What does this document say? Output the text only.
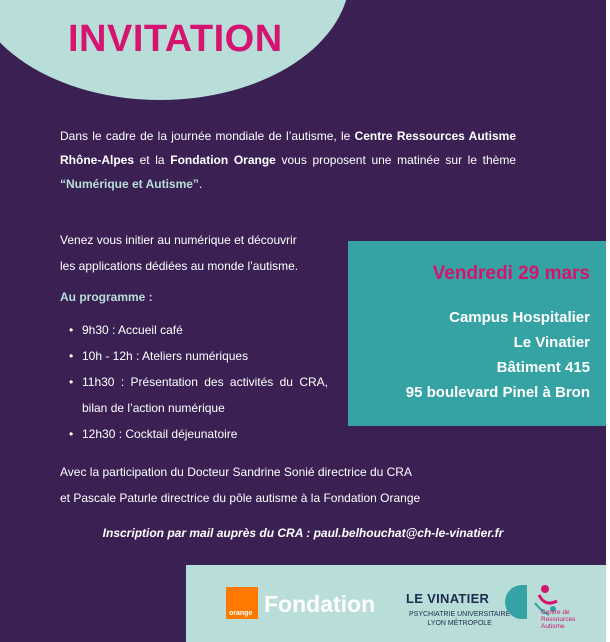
INVITATION
Dans le cadre de la journée mondiale de l’autisme, le Centre Ressources Autisme Rhône-Alpes et la Fondation Orange vous proposent une matinée sur le thème “Numérique et Autisme”.
Venez vous initier au numérique et découvrir
les applications dédiées au monde l’autisme.
Au programme :
• 9h30 : Accueil café
• 10h - 12h : Ateliers numériques
• 11h30 : Présentation des activités du CRA, bilan de l’action numérique
• 12h30 : Cocktail déjeunatoire
Vendredi 29 mars
Campus Hospitalier
Le Vinatier
Bâtiment 415
95 boulevard Pinel à Bron
Avec la participation du Docteur Sandrine Sonié directrice du CRA
et Pascale Paturle directrice du pôle autisme à la Fondation Orange
Inscription par mail auprès du CRA : paul.belhouchat@ch-le-vinatier.fr
orange Fondation LE VINATIER
PSYCHIATRIE UNIVERSITAIRE
LYON MÉTROPOLE
Centre de
Ressources
Autisme
